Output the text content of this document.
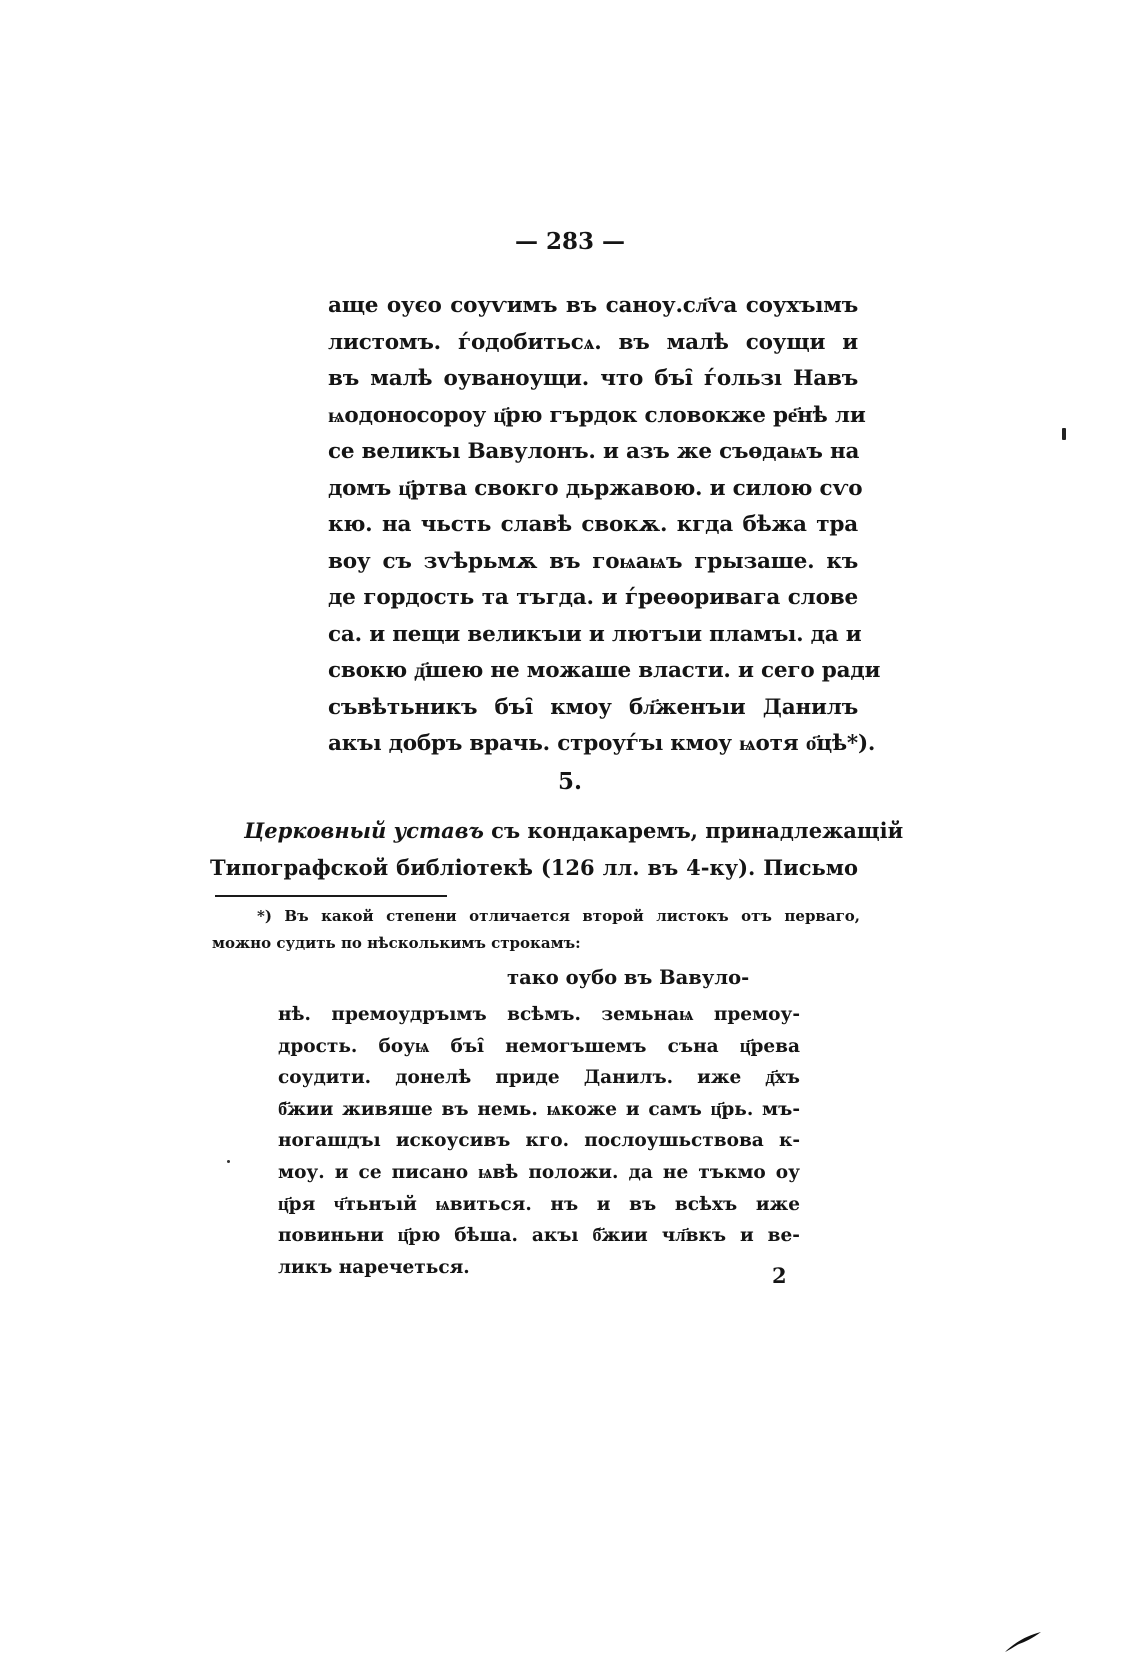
— 283 —
аще оуєо соуѵимъ въ саноу.сл҃ѵа соухъıмъ
листомъ. ѓодобитьсѧ. въ малѣ соущи и
въ малѣ оуванοущи. что бъı̑ ѓользı Навъ
ѩодоносороу ц҃рю гърдок словокже ре҃нѣ ли
се великъı Вавулонъ. и азъ же съѳдаѩъ на
домъ ц҃ртва свокго дьржавою. и силою сѵо
кю. на чьсть славѣ свокѫ. кгда бѣжа тра
воу съ зѵѣрьмѫ въ гоѩаѩъ грызаше. къ
де гордость та тъгда. и ѓреѳоривага слове
са. и пещи великъıи и лютъıи пламъı. да и
свокю д҃шею не можаше власти. и сего ради
съвѣтьникъ бъı̑ кмоу бл҃женъıи Данилъ
акъı добръ врачь. строуѓъı кмоу ѩотя о҃цѣ*).
5.
Церковный уставъ съ кондакаремъ, принадлежащій
Типографской библіотекѣ (126 лл. въ 4-ку). Письмо
*) Въ какой степени отличается второй листокъ отъ перваго,
можно судить по нѣсколькимъ строкамъ:
тако оубо въ Вавуло-
нѣ. премоудръıмъ всѣмъ. земьнаѩ премоу-
дрость. боуѩ бъı̑ немогъшемъ съна ц҃рева
соудити. донелѣ приде Данилъ. иже д҃хъ
б҃жии живяше въ немь. ѩкоже и самъ ц҃рь. мъ-
ногашдъı искоусивъ кго. послоушьствова к-
моу. и се писано ѩвѣ положи. да не тъкмо оу
ц҃ря ч҃тьнъıй ѩвиться. нъ и въ всѣхъ иже
повиньни ц҃рю бѣша. акъı б҃жии чл҃вкъ и ве-
ликъ наречеться.	2
